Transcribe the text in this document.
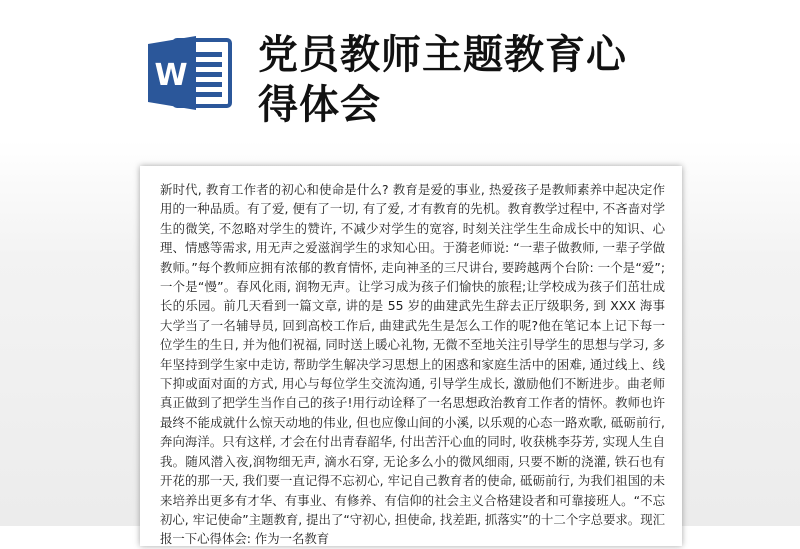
W 党员教师主题教育心
得体会

新时代, 教育工作者的初心和使命是什么? 教育是爱的事业, 热爱孩子是教师素养中起决定作用的一种品质。有了爱, 便有了一切, 有了爱, 才有教育的先机。教育教学过程中, 不吝啬对学生的微笑, 不忽略对学生的赞许, 不减少对学生的宽容, 时刻关注学生生命成长中的知识、心理、情感等需求, 用无声之爱滋润学生的求知心田。于漪老师说: “一辈子做教师, 一辈子学做教师。”每个教师应拥有浓郁的教育情怀, 走向神圣的三尺讲台, 要跨越两个台阶: 一个是“爱”; 一个是“慢”。春风化雨, 润物无声。让学习成为孩子们愉快的旅程;让学校成为孩子们茁壮成长的乐园。前几天看到一篇文章, 讲的是 55 岁的曲建武先生辞去正厅级职务, 到 XXX 海事大学当了一名辅导员, 回到高校工作后, 曲建武先生是怎么工作的呢?他在笔记本上记下每一位学生的生日, 并为他们祝福, 同时送上暖心礼物, 无微不至地关注引导学生的思想与学习, 多年坚持到学生家中走访, 帮助学生解决学习思想上的困惑和家庭生活中的困难, 通过线上、线下抑或面对面的方式, 用心与每位学生交流沟通, 引导学生成长, 激励他们不断进步。曲老师真正做到了把学生当作自己的孩子!用行动诠释了一名思想政治教育工作者的情怀。教师也许最终不能成就什么惊天动地的伟业, 但也应像山间的小溪, 以乐观的心态一路欢歌, 砥砺前行, 奔向海洋。只有这样, 才会在付出青春韶华, 付出苦汗心血的同时, 收获桃李芬芳, 实现人生自我。随风潜入夜,润物细无声, 滴水石穿, 无论多么小的微风细雨, 只要不断的浇灌, 铁石也有开花的那一天, 我们要一直记得不忘初心, 牢记自己教育者的使命, 砥砺前行, 为我们祖国的未来培养出更多有才华、有事业、有修养、有信仰的社会主义合格建设者和可靠接班人。“不忘初心, 牢记使命”主题教育, 提出了“守初心, 担使命, 找差距, 抓落实”的十二个字总要求。现汇报一下心得体会: 作为一名教育
